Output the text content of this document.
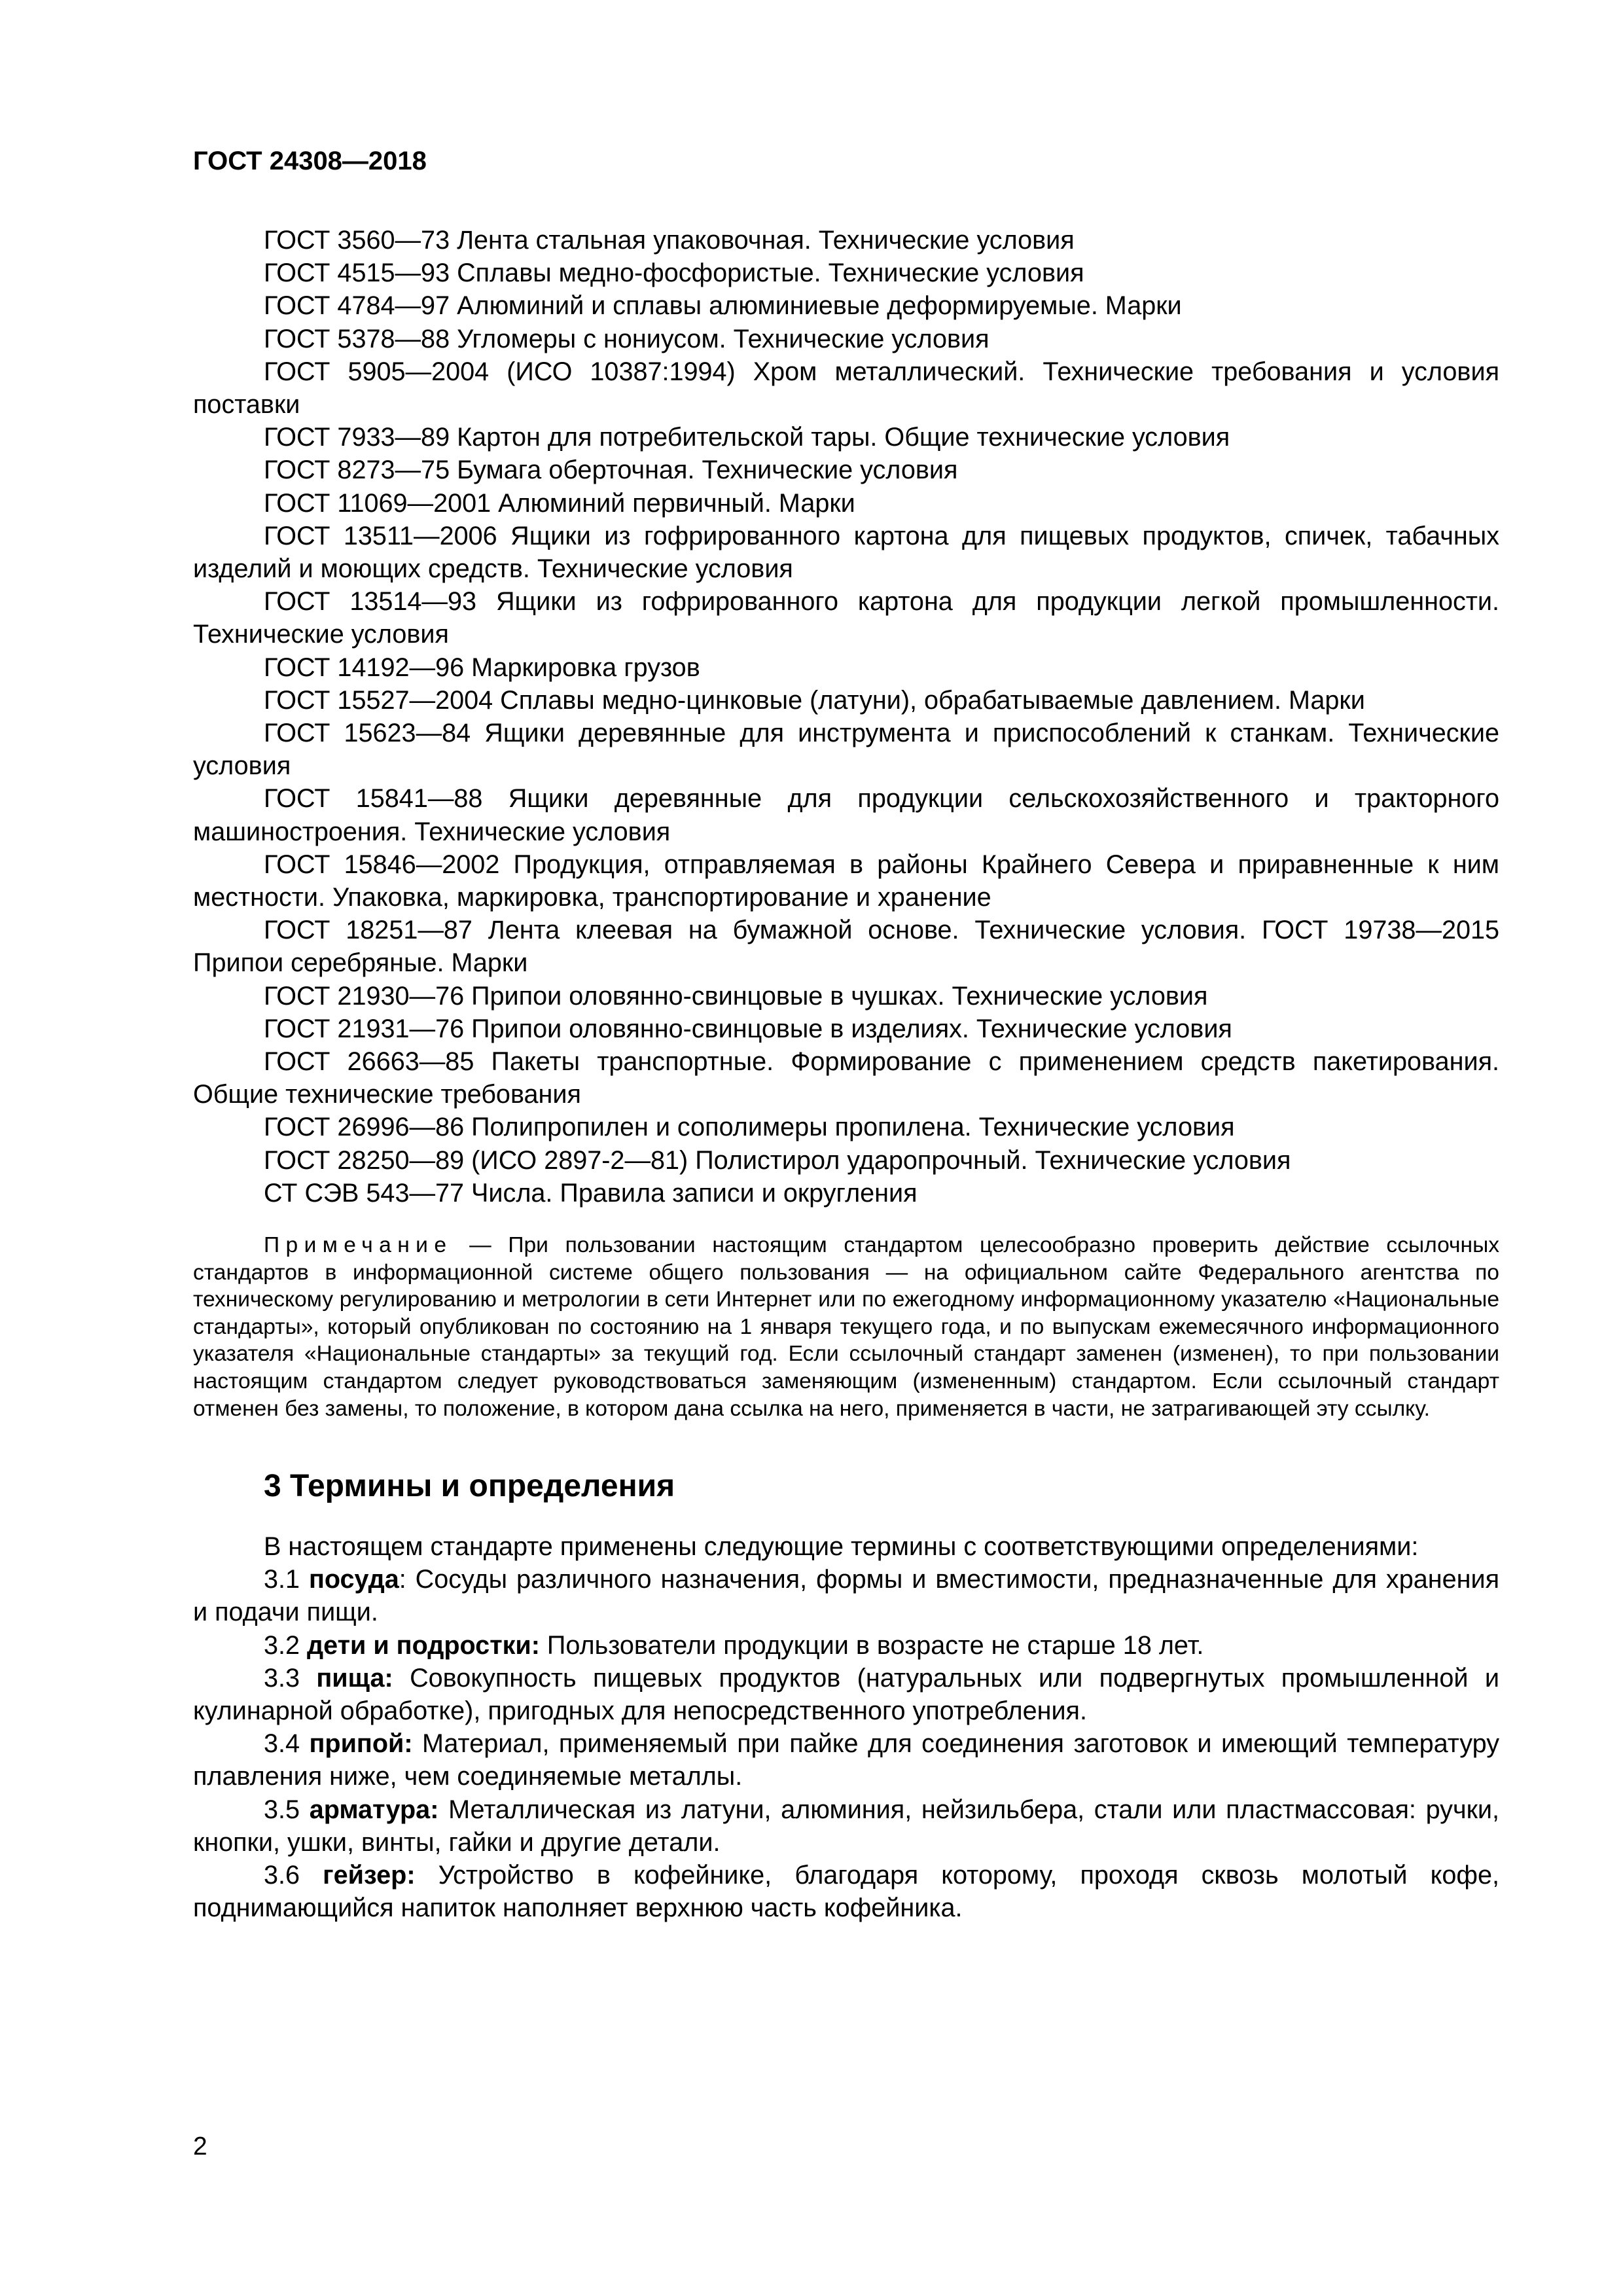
ГОСТ 24308—2018

ГОСТ 3560—73 Лента стальная упаковочная. Технические условия

ГОСТ 4515—93 Сплавы медно-фосфористые. Технические условия

ГОСТ 4784—97 Алюминий и сплавы алюминиевые деформируемые. Марки

ГОСТ 5378—88 Угломеры с нониусом. Технические условия

ГОСТ 5905—2004 (ИСО 10387:1994) Хром металлический. Технические требования и условия поставки

ГОСТ 7933—89 Картон для потребительской тары. Общие технические условия

ГОСТ 8273—75 Бумага оберточная. Технические условия

ГОСТ 11069—2001 Алюминий первичный. Марки

ГОСТ 13511—2006 Ящики из гофрированного картона для пищевых продуктов, спичек, табачных изделий и моющих средств. Технические условия

ГОСТ 13514—93 Ящики из гофрированного картона для продукции легкой промышленности. Технические условия

ГОСТ 14192—96 Маркировка грузов

ГОСТ 15527—2004 Сплавы медно-цинковые (латуни), обрабатываемые давлением. Марки

ГОСТ 15623—84 Ящики деревянные для инструмента и приспособлений к станкам. Технические условия

ГОСТ 15841—88 Ящики деревянные для продукции сельскохозяйственного и тракторного машиностроения. Технические условия

ГОСТ 15846—2002 Продукция, отправляемая в районы Крайнего Севера и приравненные к ним местности. Упаковка, маркировка, транспортирование и хранение

ГОСТ 18251—87 Лента клеевая на бумажной основе. Технические условия. ГОСТ 19738—2015 Припои серебряные. Марки

ГОСТ 21930—76 Припои оловянно-свинцовые в чушках. Технические условия

ГОСТ 21931—76 Припои оловянно-свинцовые в изделиях. Технические условия

ГОСТ 26663—85 Пакеты транспортные. Формирование с применением средств пакетирования. Общие технические требования

ГОСТ 26996—86 Полипропилен и сополимеры пропилена. Технические условия

ГОСТ 28250—89 (ИСО 2897-2—81) Полистирол ударопрочный. Технические условия

СТ СЭВ 543—77 Числа. Правила записи и округления

Примечание — При пользовании настоящим стандартом целесообразно проверить действие ссылочных стандартов в информационной системе общего пользования — на официальном сайте Федерального агентства по техническому регулированию и метрологии в сети Интернет или по ежегодному информационному указателю «Национальные стандарты», который опубликован по состоянию на 1 января текущего года, и по выпускам ежемесячного информационного указателя «Национальные стандарты» за текущий год. Если ссылочный стандарт заменен (изменен), то при пользовании настоящим стандартом следует руководствоваться заменяющим (измененным) стандартом. Если ссылочный стандарт отменен без замены, то положение, в котором дана ссылка на него, применяется в части, не затрагивающей эту ссылку.

3 Термины и определения

В настоящем стандарте применены следующие термины с соответствующими определениями:

3.1 посуда: Сосуды различного назначения, формы и вместимости, предназначенные для хранения и подачи пищи.

3.2 дети и подростки: Пользователи продукции в возрасте не старше 18 лет.

3.3 пища: Совокупность пищевых продуктов (натуральных или подвергнутых промышленной и кулинарной обработке), пригодных для непосредственного употребления.

3.4 припой: Материал, применяемый при пайке для соединения заготовок и имеющий температуру плавления ниже, чем соединяемые металлы.

3.5 арматура: Металлическая из латуни, алюминия, нейзильбера, стали или пластмассовая: ручки, кнопки, ушки, винты, гайки и другие детали.

3.6 гейзер: Устройство в кофейнике, благодаря которому, проходя сквозь молотый кофе, поднимающийся напиток наполняет верхнюю часть кофейника.

2
